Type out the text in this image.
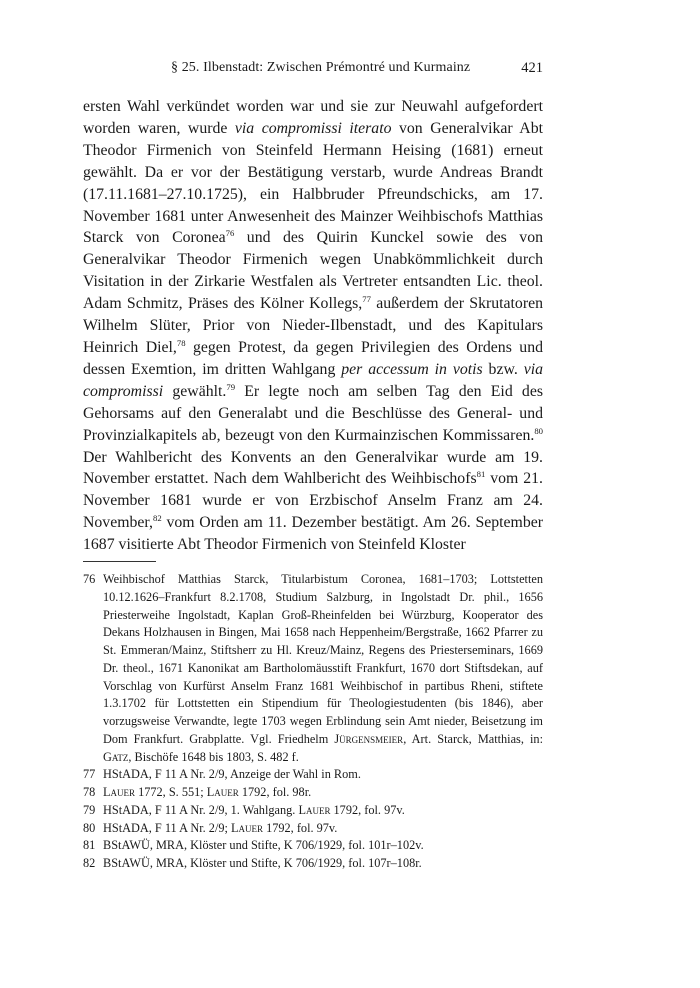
§ 25. Ilbenstadt: Zwischen Prémontré und Kurmainz	421

ersten Wahl verkündet worden war und sie zur Neuwahl aufgefordert worden waren, wurde via compromissi iterato von Generalvikar Abt Theodor Firmenich von Steinfeld Hermann Heising (1681) erneut gewählt. Da er vor der Bestätigung verstarb, wurde Andreas Brandt (17.11.1681–27.10.1725), ein Halbbruder Pfreundschicks, am 17. November 1681 unter Anwesenheit des Mainzer Weihbischofs Matthias Starck von Coronea$^{76}$ und des Quirin Kunckel sowie des von Generalvikar Theodor Firmenich wegen Unabkömmlichkeit durch Visitation in der Zirkarie Westfalen als Vertreter entsandten Lic. theol. Adam Schmitz, Präses des Kölner Kollegs,$^{77}$ außerdem der Skrutatoren Wilhelm Slüter, Prior von Nieder-Ilbenstadt, und des Kapitulars Heinrich Diel,$^{78}$ gegen Protest, da gegen Privilegien des Ordens und dessen Exemtion, im dritten Wahlgang per accessum in votis bzw. via compromissi gewählt.$^{79}$ Er legte noch am selben Tag den Eid des Gehorsams auf den Generalabt und die Beschlüsse des General- und Provinzialkapitels ab, bezeugt von den Kurmainzischen Kommissaren.$^{80}$ Der Wahlbericht des Konvents an den Generalvikar wurde am 19. November erstattet. Nach dem Wahlbericht des Weihbischofs$^{81}$ vom 21. November 1681 wurde er von Erzbischof Anselm Franz am 24. November,$^{82}$ vom Orden am 11. Dezember bestätigt. Am 26. September 1687 visitierte Abt Theodor Firmenich von Steinfeld Kloster

76 Weihbischof Matthias Starck, Titularbistum Coronea, 1681–1703; Lottstetten 10.12.1626–Frankfurt 8.2.1708, Studium Salzburg, in Ingolstadt Dr. phil., 1656 Priesterweihe Ingolstadt, Kaplan Groß-Rheinfelden bei Würzburg, Kooperator des Dekans Holzhausen in Bingen, Mai 1658 nach Heppenheim/Bergstraße, 1662 Pfarrer zu St. Emmeran/Mainz, Stiftsherr zu Hl. Kreuz/Mainz, Regens des Priesterseminars, 1669 Dr. theol., 1671 Kanonikat am Bartholomäusstift Frankfurt, 1670 dort Stiftsdekan, auf Vorschlag von Kurfürst Anselm Franz 1681 Weihbischof in partibus Rheni, stiftete 1.3.1702 für Lottstetten ein Stipendium für Theologiestudenten (bis 1846), aber vorzugsweise Verwandte, legte 1703 wegen Erblindung sein Amt nieder, Beisetzung im Dom Frankfurt. Grabplatte. Vgl. Friedhelm Jürgensmeier, Art. Starck, Matthias, in: Gatz, Bischöfe 1648 bis 1803, S. 482 f.
77 HStADA, F 11 A Nr. 2/9, Anzeige der Wahl in Rom.
78 Lauer 1772, S. 551; Lauer 1792, fol. 98r.
79 HStADA, F 11 A Nr. 2/9, 1. Wahlgang. Lauer 1792, fol. 97v.
80 HStADA, F 11 A Nr. 2/9; Lauer 1792, fol. 97v.
81 BStAWÜ, MRA, Klöster und Stifte, K 706/1929, fol. 101r–102v.
82 BStAWÜ, MRA, Klöster und Stifte, K 706/1929, fol. 107r–108r.
